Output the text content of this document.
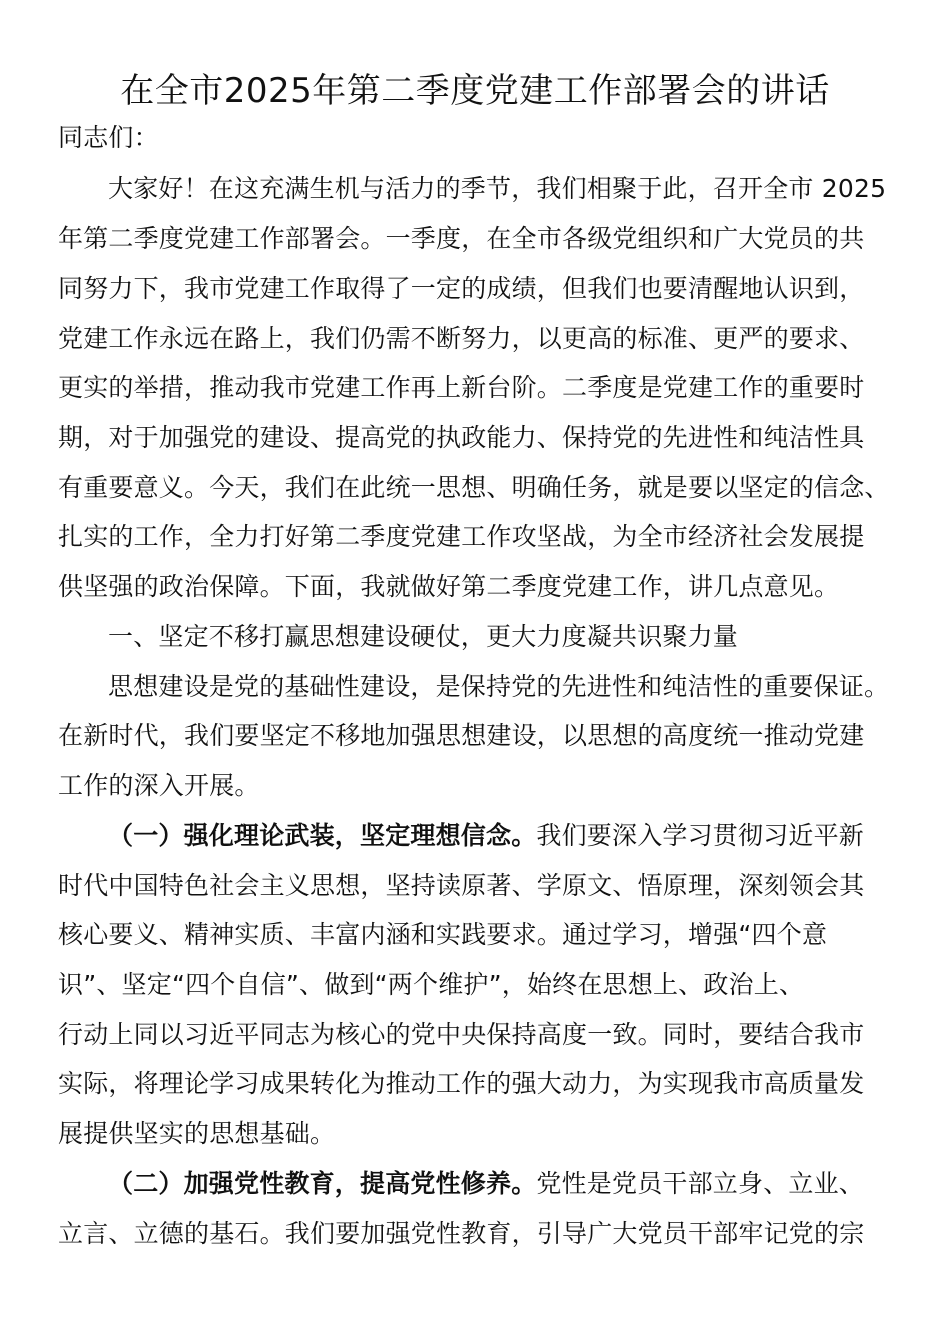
在全市2025年第二季度党建工作部署会的讲话
同志们：
大家好！在这充满生机与活力的季节，我们相聚于此，召开全市 2025
年第二季度党建工作部署会。一季度，在全市各级党组织和广大党员的共
同努力下，我市党建工作取得了一定的成绩，但我们也要清醒地认识到，
党建工作永远在路上，我们仍需不断努力，以更高的标准、更严的要求、
更实的举措，推动我市党建工作再上新台阶。二季度是党建工作的重要时
期，对于加强党的建设、提高党的执政能力、保持党的先进性和纯洁性具
有重要意义。今天，我们在此统一思想、明确任务，就是要以坚定的信念、
扎实的工作，全力打好第二季度党建工作攻坚战，为全市经济社会发展提
供坚强的政治保障。下面，我就做好第二季度党建工作，讲几点意见。
一、坚定不移打赢思想建设硬仗，更大力度凝共识聚力量
思想建设是党的基础性建设，是保持党的先进性和纯洁性的重要保证。
在新时代，我们要坚定不移地加强思想建设，以思想的高度统一推动党建
工作的深入开展。
（一）强化理论武装，坚定理想信念。我们要深入学习贯彻习近平新
时代中国特色社会主义思想，坚持读原著、学原文、悟原理，深刻领会其
核心要义、精神实质、丰富内涵和实践要求。通过学习，增强“四个意
识”、坚定“四个自信”、做到“两个维护”，始终在思想上、政治上、
行动上同以习近平同志为核心的党中央保持高度一致。同时，要结合我市
实际，将理论学习成果转化为推动工作的强大动力，为实现我市高质量发
展提供坚实的思想基础。
（二）加强党性教育，提高党性修养。党性是党员干部立身、立业、
立言、立德的基石。我们要加强党性教育，引导广大党员干部牢记党的宗
